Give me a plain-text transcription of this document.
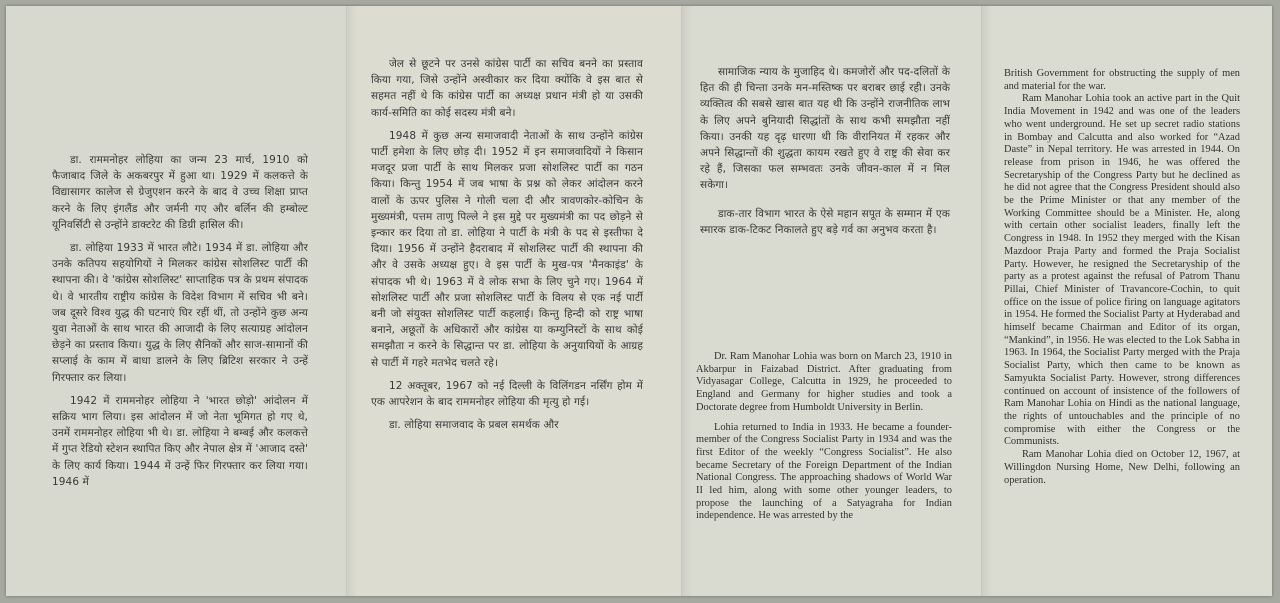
डा. राममनोहर लोहिया का जन्म 23 मार्च, 1910 को फैजाबाद जिले के अकबरपुर में हुआ था। 1929 में कलकत्ते के विद्यासागर कालेज से ग्रेजुएशन करने के बाद वे उच्च शिक्षा प्राप्त करने के लिए इंगलैंड और जर्मनी गए और बर्लिन की हम्बोल्ट यूनिवर्सिटी से उन्होंने डाक्टरेट की डिग्री हासिल की।

डा. लोहिया 1933 में भारत लौटे। 1934 में डा. लोहिया और उनके कतिपय सहयोगियों ने मिलकर कांग्रेस सोशलिस्ट पार्टी की स्थापना की। वे 'कांग्रेस सोशलिस्ट' साप्ताहिक पत्र के प्रथम संपादक थे। वे भारतीय राष्ट्रीय कांग्रेस के विदेश विभाग में सचिव भी बने। जब दूसरे विश्व युद्ध की घटनाएं घिर रहीं थीं, तो उन्होंने कुछ अन्य युवा नेताओं के साथ भारत की आजादी के लिए सत्याग्रह आंदोलन छेड़ने का प्रस्ताव किया। युद्ध के लिए सैनिकों और साज-सामानों की सप्लाई के काम में बाधा डालने के लिए ब्रिटिश सरकार ने उन्हें गिरफ्तार कर लिया।

1942 में राममनोहर लोहिया ने 'भारत छोड़ो' आंदोलन में सक्रिय भाग लिया। इस आंदोलन में जो नेता भूमिगत हो गए थे, उनमें राममनोहर लोहिया भी थे। डा. लोहिया ने बम्बई और कलकत्ते में गुप्त रेडियो स्टेशन स्थापित किए और नेपाल क्षेत्र में 'आजाद दस्ते' के लिए कार्य किया। 1944 में उन्हें फिर गिरफ्तार कर लिया गया। 1946 में

जेल से छूटने पर उनसे कांग्रेस पार्टी का सचिव बनने का प्रस्ताव किया गया, जिसे उन्होंने अस्वीकार कर दिया क्योंकि वे इस बात से सहमत नहीं थे कि कांग्रेस पार्टी का अध्यक्ष प्रधान मंत्री हो या उसकी कार्य-समिति का कोई सदस्य मंत्री बने।

1948 में कुछ अन्य समाजवादी नेताओं के साथ उन्होंने कांग्रेस पार्टी हमेशा के लिए छोड़ दी। 1952 में इन समाजवादियों ने किसान मजदूर प्रजा पार्टी के साथ मिलकर प्रजा सोशलिस्ट पार्टी का गठन किया। किन्तु 1954 में जब भाषा के प्रश्न को लेकर आंदोलन करने वालों के ऊपर पुलिस ने गोली चला दी और त्रावणकोर-कोचिन के मुख्यमंत्री, पत्तम ताणु पिल्ले ने इस मुद्दे पर मुख्यमंत्री का पद छोड़ने से इन्कार कर दिया तो डा. लोहिया ने पार्टी के मंत्री के पद से इस्तीफा दे दिया। 1956 में उन्होंने हैदराबाद में सोशलिस्ट पार्टी की स्थापना की और वे उसके अध्यक्ष हुए। वे इस पार्टी के मुख-पत्र 'मैनकाइंड' के संपादक भी थे। 1963 में वे लोक सभा के लिए चुने गए। 1964 में सोशलिस्ट पार्टी और प्रजा सोशलिस्ट पार्टी के विलय से एक नई पार्टी बनी जो संयुक्त सोशलिस्ट पार्टी कहलाई। किन्तु हिन्दी को राष्ट्र भाषा बनाने, अछूतों के अधिकारों और कांग्रेस या कम्युनिस्टों के साथ कोई समझौता न करने के सिद्धान्त पर डा. लोहिया के अनुयायियों के आग्रह से पार्टी में गहरे मतभेद चलते रहे।

12 अक्तूबर, 1967 को नई दिल्ली के विलिंगडन नर्सिंग होम में एक आपरेशन के बाद राममनोहर लोहिया की मृत्यु हो गई।

डा. लोहिया समाजवाद के प्रबल समर्थक और

सामाजिक न्याय के मुजाहिद थे। कमजोरों और पद-दलितों के हित की ही चिन्ता उनके मन-मस्तिष्क पर बराबर छाई रही। उनके व्यक्तित्व की सबसे खास बात यह थी कि उन्होंने राजनीतिक लाभ के लिए अपने बुनियादी सिद्धांतों के साथ कभी समझौता नहीं किया। उनकी यह दृढ़ धारणा थी कि वीरानियत में रहकर और अपने सिद्धान्तों की शुद्धता कायम रखते हुए वे राष्ट्र की सेवा कर रहे हैं, जिसका फल सम्भवतः उनके जीवन-काल में न मिल सकेगा।

डाक-तार विभाग भारत के ऐसे महान सपूत के सम्मान में एक स्मारक डाक-टिकट निकालते हुए बड़े गर्व का अनुभव करता है।

Dr. Ram Manohar Lohia was born on March 23, 1910 in Akbarpur in Faizabad District. After graduating from Vidyasagar College, Calcutta in 1929, he proceeded to England and Germany for higher studies and took a Doctorate degree from Humboldt University in Berlin.

Lohia returned to India in 1933. He became a founder-member of the Congress Socialist Party in 1934 and was the first Editor of the weekly “Congress Socialist”. He also became Secretary of the Foreign Department of the Indian National Congress. The approaching shadows of World War II led him, along with some other younger leaders, to propose the launching of a Satyagraha for Indian independence. He was arrested by the

British Government for obstructing the supply of men and material for the war.

Ram Manohar Lohia took an active part in the Quit India Movement in 1942 and was one of the leaders who went underground. He set up secret radio stations in Bombay and Calcutta and also worked for “Azad Daste” in Nepal territory. He was arrested in 1944. On release from prison in 1946, he was offered the Secretaryship of the Congress Party but he declined as he did not agree that the Congress President should also be the Prime Minister or that any member of the Working Committee should be a Minister. He, along with certain other socialist leaders, finally left the Congress in 1948. In 1952 they merged with the Kisan Mazdoor Praja Party and formed the Praja Socialist Party. However, he resigned the Secretaryship of the party as a protest against the refusal of Patrom Thanu Pillai, Chief Minister of Travancore-Cochin, to quit office on the issue of police firing on language agitators in 1954. He formed the Socialist Party at Hyderabad and himself became Chairman and Editor of its organ, “Mankind”, in 1956. He was elected to the Lok Sabha in 1963. In 1964, the Socialist Party merged with the Praja Socialist Party, which then came to be known as Samyukta Socialist Party. However, strong differences continued on account of insistence of the followers of Ram Manohar Lohia on Hindi as the national language, the rights of untouchables and the principle of no compromise with either the Congress or the Communists.

Ram Manohar Lohia died on October 12, 1967, at Willingdon Nursing Home, New Delhi, following an operation.
